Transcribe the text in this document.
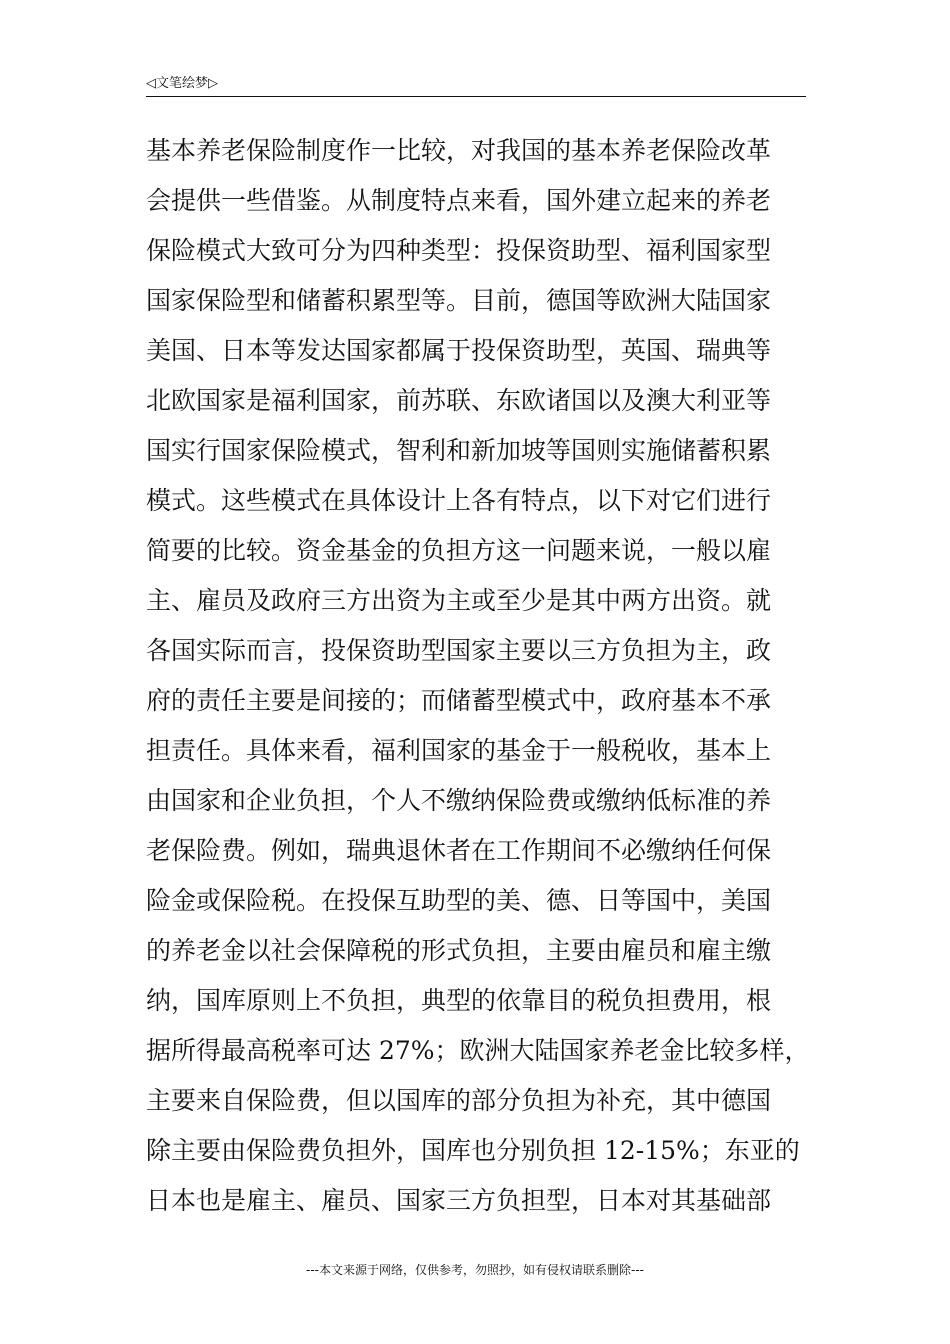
◁文笔绘梦▷
基本养老保险制度作一比较，对我国的基本养老保险改革
会提供一些借鉴。从制度特点来看，国外建立起来的养老
保险模式大致可分为四种类型：投保资助型、福利国家型
国家保险型和储蓄积累型等。目前，德国等欧洲大陆国家
美国、日本等发达国家都属于投保资助型，英国、瑞典等
北欧国家是福利国家，前苏联、东欧诸国以及澳大利亚等
国实行国家保险模式，智利和新加坡等国则实施储蓄积累
模式。这些模式在具体设计上各有特点，以下对它们进行
简要的比较。资金基金的负担方这一问题来说，一般以雇
主、雇员及政府三方出资为主或至少是其中两方出资。就
各国实际而言，投保资助型国家主要以三方负担为主，政
府的责任主要是间接的；而储蓄型模式中，政府基本不承
担责任。具体来看，福利国家的基金于一般税收，基本上
由国家和企业负担，个人不缴纳保险费或缴纳低标准的养
老保险费。例如，瑞典退休者在工作期间不必缴纳任何保
险金或保险税。在投保互助型的美、德、日等国中，美国
的养老金以社会保障税的形式负担，主要由雇员和雇主缴
纳，国库原则上不负担，典型的依靠目的税负担费用，根
据所得最高税率可达 27%；欧洲大陆国家养老金比较多样，
主要来自保险费，但以国库的部分负担为补充，其中德国
除主要由保险费负担外，国库也分别负担 12-15%；东亚的
日本也是雇主、雇员、国家三方负担型，日本对其基础部
---本文来源于网络，仅供参考，勿照抄，如有侵权请联系删除---
